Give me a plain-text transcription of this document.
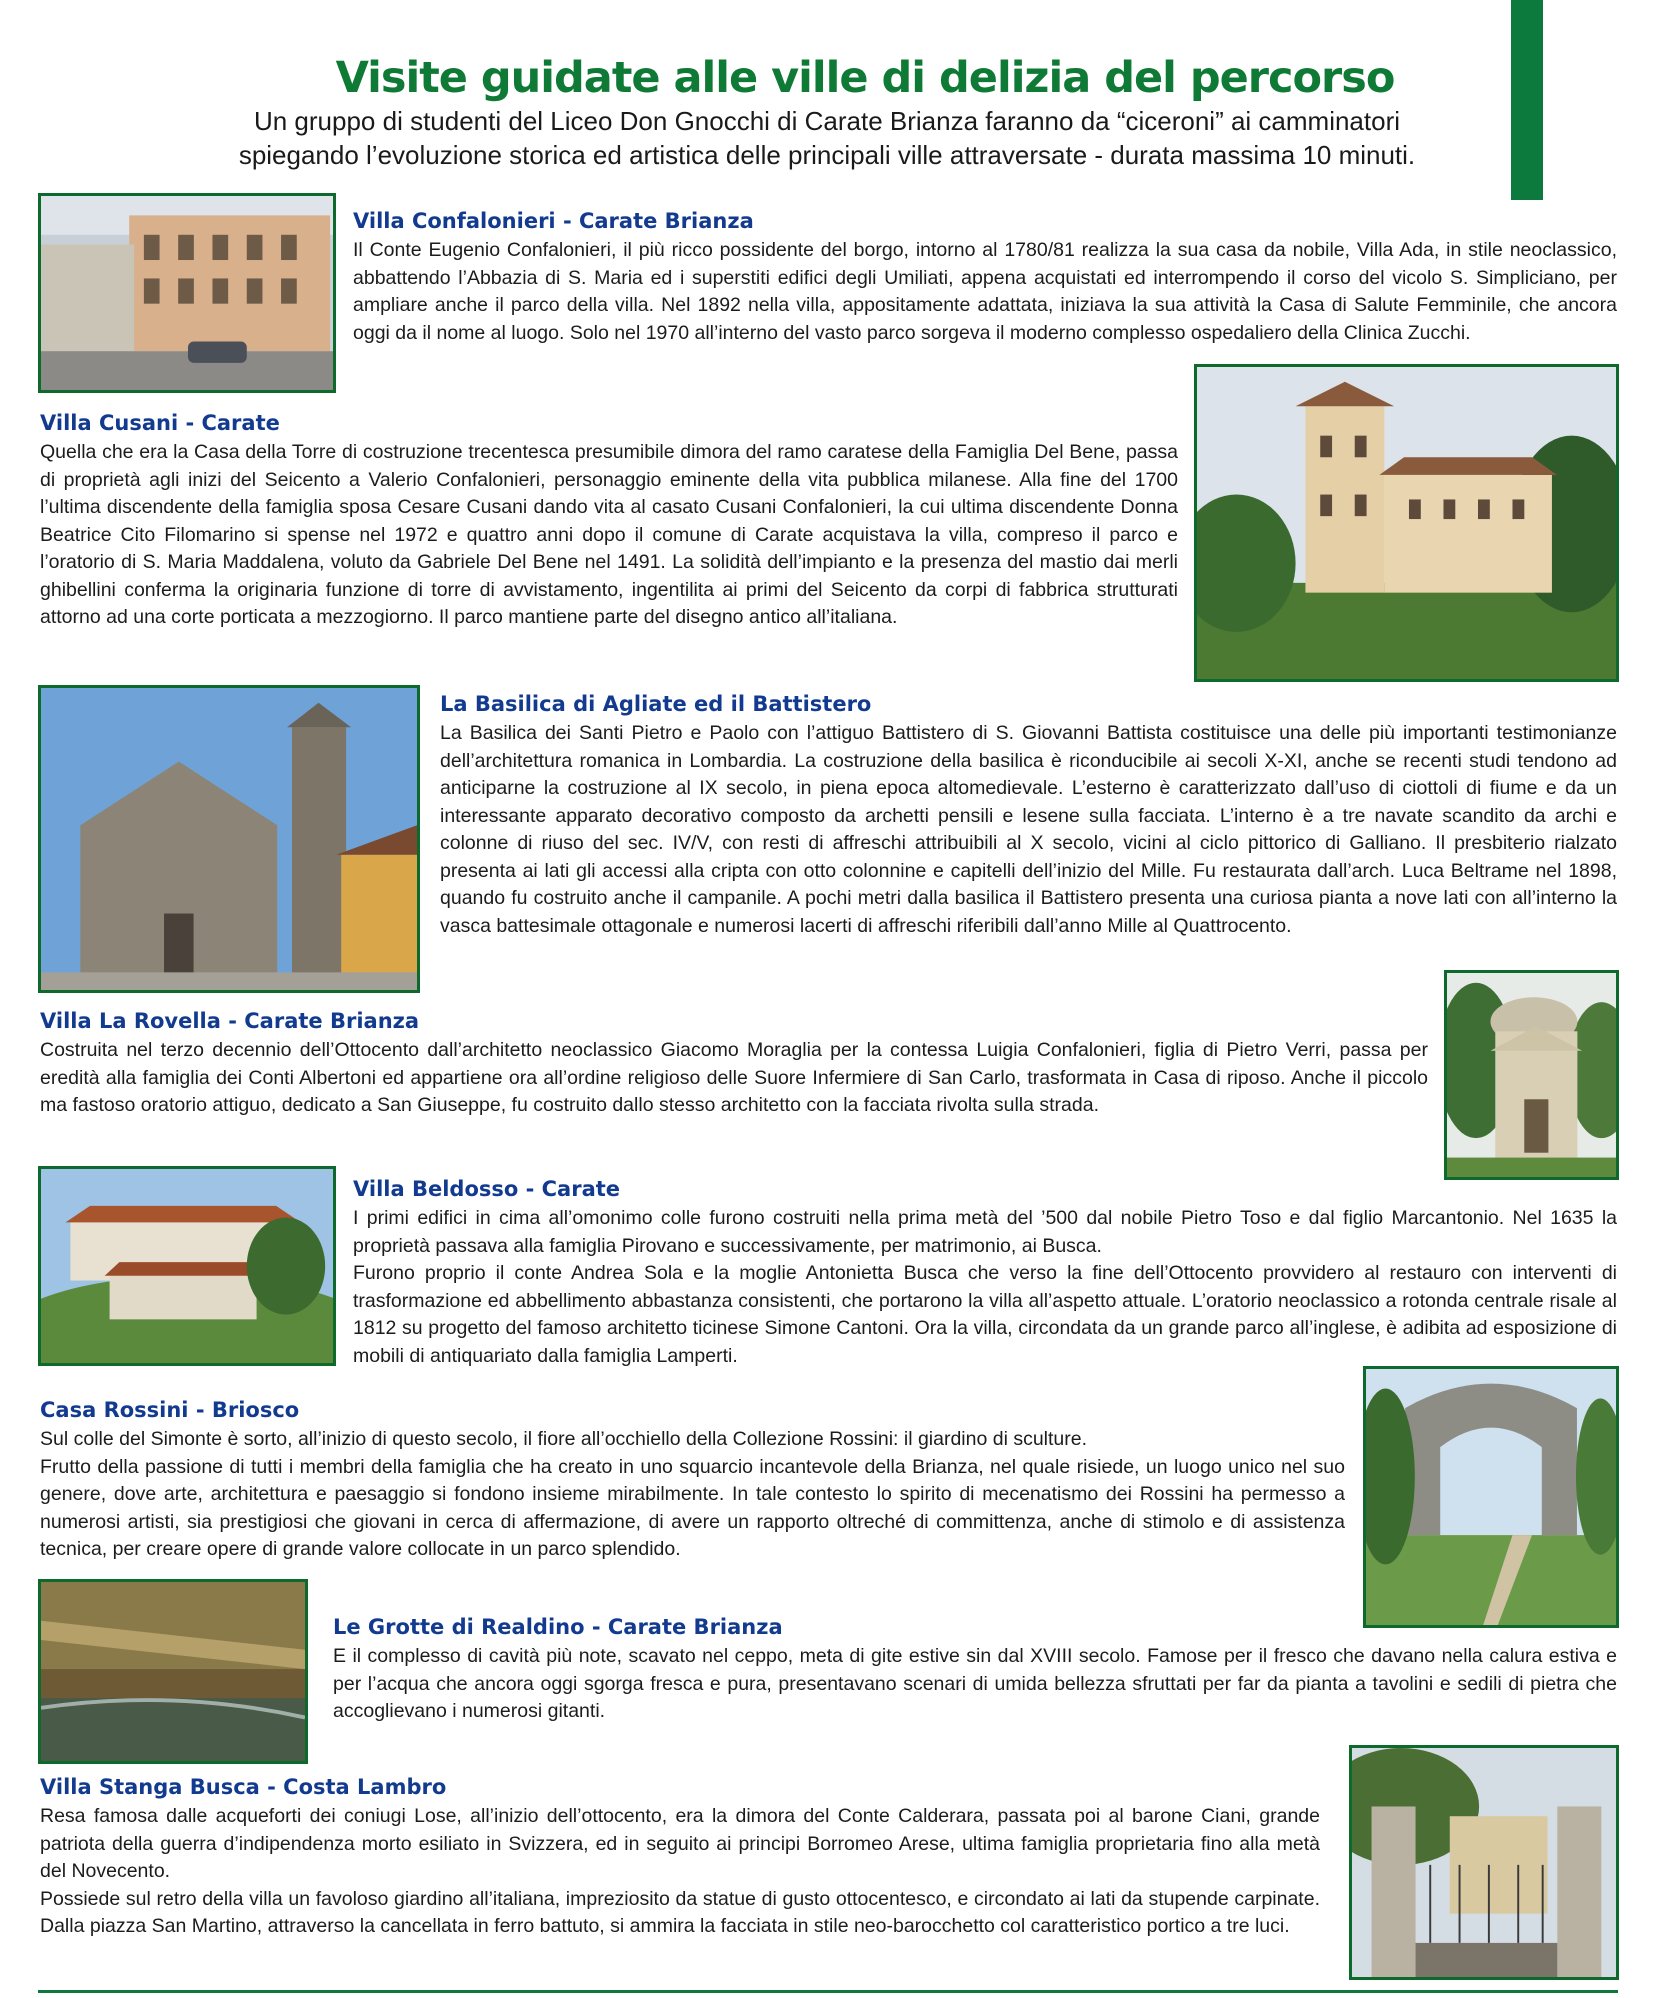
Visite guidate alle ville di delizia del percorso

Un gruppo di studenti del Liceo Don Gnocchi di Carate Brianza faranno da “ciceroni” ai camminatori

spiegando l’evoluzione storica ed artistica delle principali ville attraversate - durata massima 10 minuti.

Villa Confalonieri - Carate Brianza

Il Conte Eugenio Confalonieri, il più ricco possidente del borgo, intorno al 1780/81 realizza la sua casa da nobile, Villa Ada, in stile neoclassico, abbattendo l’Abbazia di S. Maria ed i superstiti edifici degli Umiliati, appena acquistati ed interrompendo il corso del vicolo S. Simpliciano, per ampliare anche il parco della villa. Nel 1892 nella villa, appositamente adattata, iniziava la sua attività la Casa di Salute Femminile, che ancora oggi da il nome al luogo. Solo nel 1970 all’interno del vasto parco sorgeva il moderno complesso ospedaliero della Clinica Zucchi.

Villa Cusani - Carate

Quella che era la Casa della Torre di costruzione trecentesca presumibile dimora del ramo caratese della Famiglia Del Bene, passa di proprietà agli inizi del Seicento a Valerio Confalonieri, personaggio eminente della vita pubblica milanese. Alla fine del 1700 l’ultima discendente della famiglia sposa Cesare Cusani dando vita al casato Cusani Confalonieri, la cui ultima discendente Donna Beatrice Cito Filomarino si spense nel 1972 e quattro anni dopo il comune di Carate acquistava la villa, compreso il parco e l’oratorio di S. Maria Maddalena, voluto da Gabriele Del Bene nel 1491. La solidità dell’impianto e la presenza del mastio dai merli ghibellini conferma la originaria funzione di torre di avvistamento, ingentilita ai primi del Seicento da corpi di fabbrica strutturati attorno ad una corte porticata a mezzogiorno. Il parco mantiene parte del disegno antico all’italiana.

La Basilica di Agliate ed il Battistero

La Basilica dei Santi Pietro e Paolo con l’attiguo Battistero di S. Giovanni Battista costituisce una delle più importanti testimonianze dell’architettura romanica in Lombardia. La costruzione della basilica è riconducibile ai secoli X-XI, anche se recenti studi tendono ad anticiparne la costruzione al IX secolo, in piena epoca altomedievale. L’esterno è caratterizzato dall’uso di ciottoli di fiume e da un interessante apparato decorativo composto da archetti pensili e lesene sulla facciata. L’interno è a tre navate scandito da archi e colonne di riuso del sec. IV/V, con resti di affreschi attribuibili al X secolo, vicini al ciclo pittorico di Galliano. Il presbiterio rialzato presenta ai lati gli accessi alla cripta con otto colonnine e capitelli dell’inizio del Mille. Fu restaurata dall’arch. Luca Beltrame nel 1898, quando fu costruito anche il campanile. A pochi metri dalla basilica il Battistero presenta una curiosa pianta a nove lati con all’interno la vasca battesimale ottagonale e numerosi lacerti di affreschi riferibili dall’anno Mille al Quattrocento.

Villa La Rovella - Carate Brianza

Costruita nel terzo decennio dell’Ottocento dall’architetto neoclassico Giacomo Moraglia per la contessa Luigia Confalonieri, figlia di Pietro Verri, passa per eredità alla famiglia dei Conti Albertoni ed appartiene ora all’ordine religioso delle Suore Infermiere di San Carlo, trasformata in Casa di riposo. Anche il piccolo ma fastoso oratorio attiguo, dedicato a San Giuseppe, fu costruito dallo stesso architetto con la facciata rivolta sulla strada.

Villa Beldosso - Carate

I primi edifici in cima all’omonimo colle furono costruiti nella prima metà del ’500 dal nobile Pietro Toso e dal figlio Marcantonio. Nel 1635 la proprietà passava alla famiglia Pirovano e successivamente, per matrimonio, ai Busca.

Furono proprio il conte Andrea Sola e la moglie Antonietta Busca che verso la fine dell’Ottocento provvidero al restauro con interventi di trasformazione ed abbellimento abbastanza consistenti, che portarono la villa all’aspetto attuale. L’oratorio neoclassico a rotonda centrale risale al 1812 su progetto del famoso architetto ticinese Simone Cantoni. Ora la villa, circondata da un grande parco all’inglese, è adibita ad esposizione di mobili di antiquariato dalla famiglia Lamperti.

Casa Rossini - Briosco

Sul colle del Simonte è sorto, all’inizio di questo secolo, il fiore all’occhiello della Collezione Rossini: il giardino di sculture.

Frutto della passione di tutti i membri della famiglia che ha creato in uno squarcio incantevole della Brianza, nel quale risiede, un luogo unico nel suo genere, dove arte, architettura e paesaggio si fondono insieme mirabilmente. In tale contesto lo spirito di mecenatismo dei Rossini ha permesso a numerosi artisti, sia prestigiosi che giovani in cerca di affermazione, di avere un rapporto oltreché di committenza, anche di stimolo e di assistenza tecnica, per creare opere di grande valore collocate in un parco splendido.

Le Grotte di Realdino - Carate Brianza

E il complesso di cavità più note, scavato nel ceppo, meta di gite estive sin dal XVIII secolo. Famose per il fresco che davano nella calura estiva e per l’acqua che ancora oggi sgorga fresca e pura, presentavano scenari di umida bellezza sfruttati per far da pianta a tavolini e sedili di pietra che accoglievano i numerosi gitanti.

Villa Stanga Busca - Costa Lambro

Resa famosa dalle acqueforti dei coniugi Lose, all’inizio dell’ottocento, era la dimora del Conte Calderara, passata poi al barone Ciani, grande patriota della guerra d’indipendenza morto esiliato in Svizzera, ed in seguito ai principi Borromeo Arese, ultima famiglia proprietaria fino alla metà del Novecento.

Possiede sul retro della villa un favoloso giardino all’italiana, impreziosito da statue di gusto ottocentesco, e circondato ai lati da stupende carpinate. Dalla piazza San Martino, attraverso la cancellata in ferro battuto, si ammira la facciata in stile neo-barocchetto col caratteristico portico a tre luci.
